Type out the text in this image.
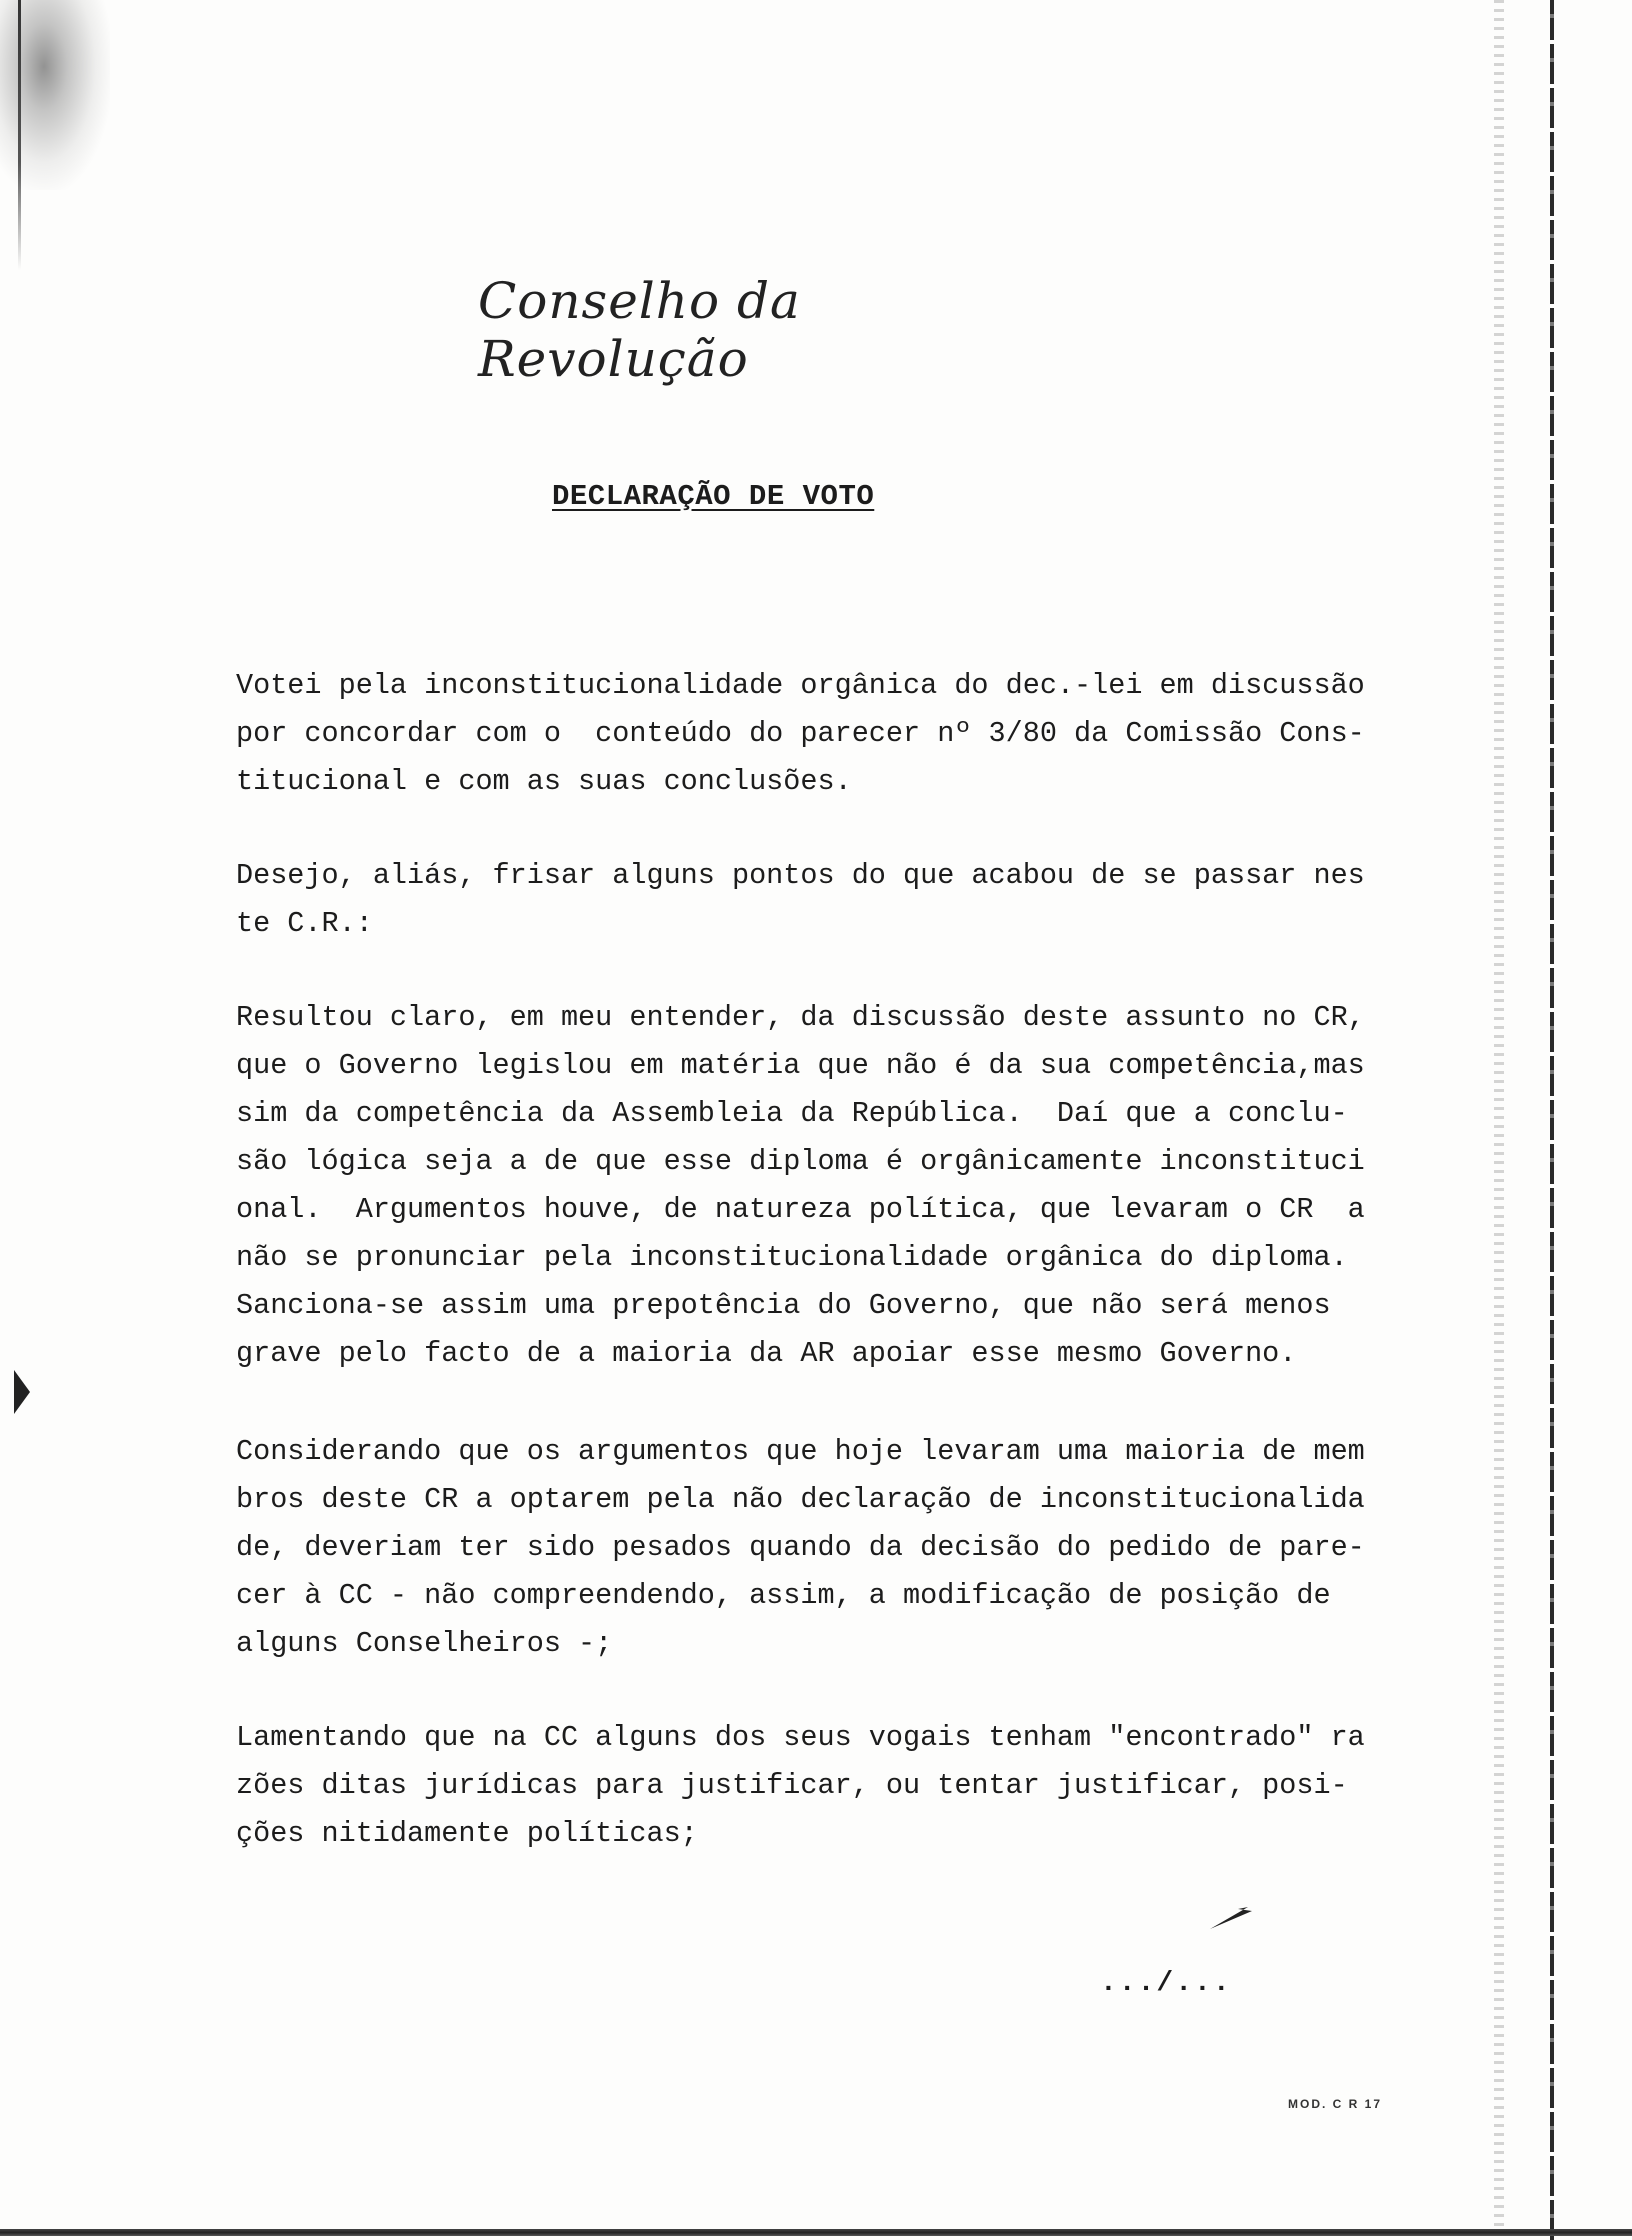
Conselho da Revolução
DECLARAÇÃO DE VOTO

Votei pela inconstitucionalidade orgânica do dec.-lei em discussão
por concordar com o  conteúdo do parecer nº 3/80 da Comissão Cons-
titucional e com as suas conclusões.

Desejo, aliás, frisar alguns pontos do que acabou de se passar nes
te C.R.:

Resultou claro, em meu entender, da discussão deste assunto no CR,
que o Governo legislou em matéria que não é da sua competência,mas
sim da competência da Assembleia da República.  Daí que a conclu-
são lógica seja a de que esse diploma é orgânicamente inconstituci
onal.  Argumentos houve, de natureza política, que levaram o CR  a
não se pronunciar pela inconstitucionalidade orgânica do diploma.
Sanciona-se assim uma prepotência do Governo, que não será menos
grave pelo facto de a maioria da AR apoiar esse mesmo Governo.

Considerando que os argumentos que hoje levaram uma maioria de mem
bros deste CR a optarem pela não declaração de inconstitucionalida
de, deveriam ter sido pesados quando da decisão do pedido de pare-
cer à CC - não compreendendo, assim, a modificação de posição de
alguns Conselheiros -;

Lamentando que na CC alguns dos seus vogais tenham "encontrado" ra
zões ditas jurídicas para justificar, ou tentar justificar, posi-
ções nitidamente políticas;

.../...
MOD. C R 17
